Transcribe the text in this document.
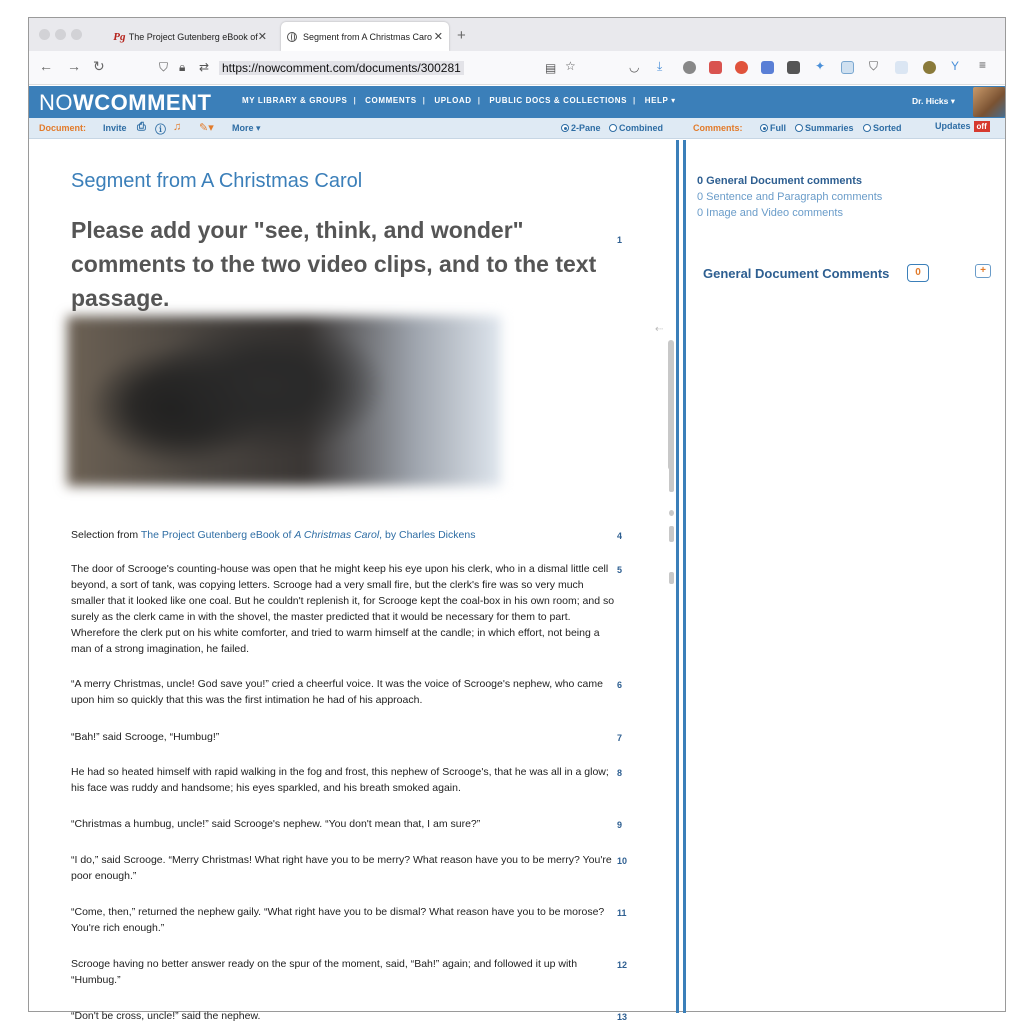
Pg The Project Gutenberg eBook of ✕	Segment from A Christmas Caro ✕ +
← → ↻	⛉ 🔒︎ ⇄ https://nowcomment.com/documents/300281	▤ ☆	◡ ⤓	✦	⛉	Y ≡
NOWCOMMENT	MY LIBRARY & GROUPS | COMMENTS | UPLOAD | PUBLIC DOCS & COLLECTIONS | HELP ▾	Dr. Hicks ▾
Document: Invite ⎙ ⓘ ♫ ✎▾ More ▾	2-Pane	Combined	Comments:	Full	Summaries	Sorted	Updates off
Segment from A Christmas Carol
Please add your "see, think, and wonder" comments to the two video clips, and to the text passage.
1
Selection from The Project Gutenberg eBook of A Christmas Carol, by Charles Dickens	4
The door of Scrooge's counting-house was open that he might keep his eye upon his clerk, who in a dismal little cell beyond, a sort of tank, was copying letters. Scrooge had a very small fire, but the clerk's fire was so very much smaller that it looked like one coal. But he couldn't replenish it, for Scrooge kept the coal-box in his own room; and so surely as the clerk came in with the shovel, the master predicted that it would be necessary for them to part. Wherefore the clerk put on his white comforter, and tried to warm himself at the candle; in which effort, not being a man of a strong imagination, he failed.
5
“A merry Christmas, uncle! God save you!” cried a cheerful voice. It was the voice of Scrooge's nephew, who came upon him so quickly that this was the first intimation he had of his approach.
6
“Bah!” said Scrooge, “Humbug!”	7
He had so heated himself with rapid walking in the fog and frost, this nephew of Scrooge's, that he was all in a glow; his face was ruddy and handsome; his eyes sparkled, and his breath smoked again.
8
“Christmas a humbug, uncle!” said Scrooge's nephew. “You don't mean that, I am sure?”	9
“I do,” said Scrooge. “Merry Christmas! What right have you to be merry? What reason have you to be merry? You're poor enough.”
10
“Come, then,” returned the nephew gaily. “What right have you to be dismal? What reason have you to be morose? You're rich enough.”
11
Scrooge having no better answer ready on the spur of the moment, said, “Bah!” again; and followed it up with “Humbug.”
12
“Don't be cross, uncle!” said the nephew.	13
⇠
0 General Document comments
0 Sentence and Paragraph comments
0 Image and Video comments
General Document Comments	0	+
